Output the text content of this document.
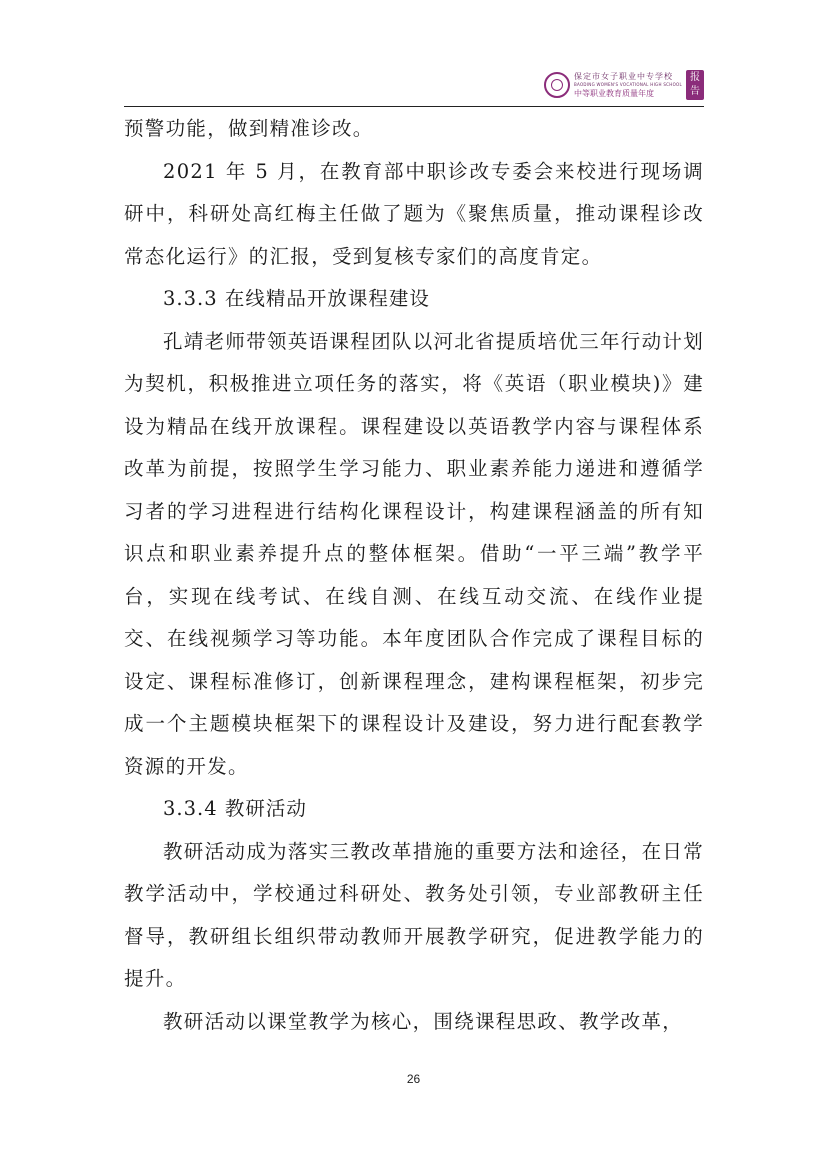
保定市女子职业中专学校
BAODING WOMEN'S VOCATIONAL HIGH SCHOOL
中等职业教育质量年度
报告

预警功能，做到精准诊改。

2021 年 5 月，在教育部中职诊改专委会来校进行现场调研中，科研处高红梅主任做了题为《聚焦质量，推动课程诊改常态化运行》的汇报，受到复核专家们的高度肯定。

3.3.3 在线精品开放课程建设

孔靖老师带领英语课程团队以河北省提质培优三年行动计划为契机，积极推进立项任务的落实，将《英语（职业模块)》建设为精品在线开放课程。课程建设以英语教学内容与课程体系改革为前提，按照学生学习能力、职业素养能力递进和遵循学习者的学习进程进行结构化课程设计，构建课程涵盖的所有知识点和职业素养提升点的整体框架。借助“一平三端”教学平台，实现在线考试、在线自测、在线互动交流、在线作业提交、在线视频学习等功能。本年度团队合作完成了课程目标的设定、课程标准修订，创新课程理念，建构课程框架，初步完成一个主题模块框架下的课程设计及建设，努力进行配套教学资源的开发。

3.3.4 教研活动

教研活动成为落实三教改革措施的重要方法和途径，在日常教学活动中，学校通过科研处、教务处引领，专业部教研主任督导，教研组长组织带动教师开展教学研究，促进教学能力的提升。

教研活动以课堂教学为核心，围绕课程思政、教学改革，

26
